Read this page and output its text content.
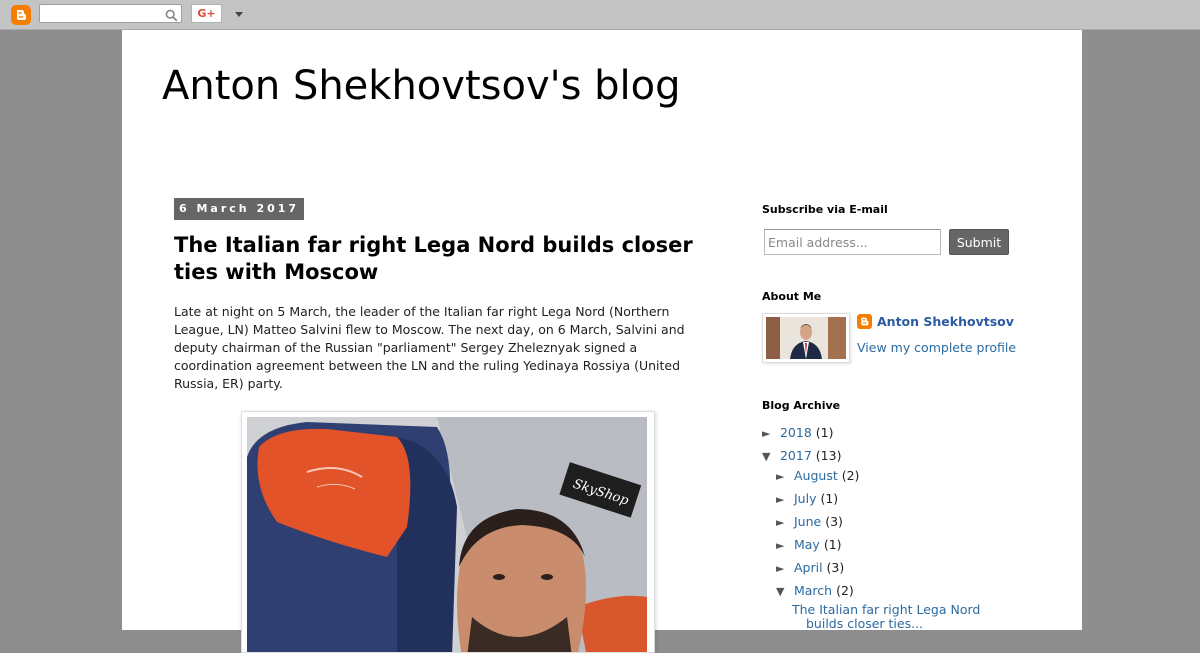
G+
Anton Shekhovtsov's blog
6 March 2017
The Italian far right Lega Nord builds closer ties with Moscow

Late at night on 5 March, the leader of the Italian far right Lega Nord (Northern League, LN) Matteo Salvini flew to Moscow. The next day, on 6 March, Salvini and deputy chairman of the Russian "parliament" Sergey Zheleznyak signed a coordination agreement between the LN and the ruling Yedinaya Rossiya (United Russia, ER) party.

SkyShop
Subscribe via E-mail
Email address...
Submit
About Me
Anton Shekhovtsov
View my complete profile
Blog Archive
► 2018 (1)
▼ 2017 (13)
► August (2)
► July (1)
► June (3)
► May (1)
► April (3)
▼ March (2)
The Italian far right Lega Nord
builds closer ties...
